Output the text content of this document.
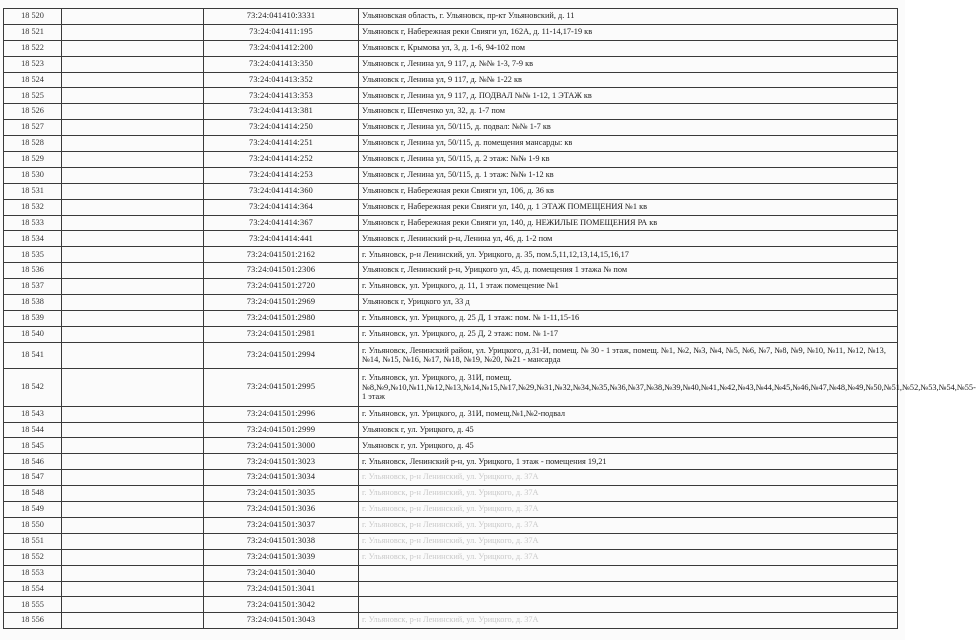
18 520		73:24:041410:3331	Ульяновская область, г. Ульяновск, пр-кт Ульяновский, д. 11
18 521		73:24:041411:195	Ульяновск г, Набережная реки Свияги ул, 162А, д. 11-14,17-19 кв
18 522		73:24:041412:200	Ульяновск г, Крымова ул, 3, д. 1-6, 94-102 пом
18 523		73:24:041413:350	Ульяновск г, Ленина ул, 9 117, д. №№ 1-3, 7-9 кв
18 524		73:24:041413:352	Ульяновск г, Ленина ул, 9 117, д. №№ 1-22 кв
18 525		73:24:041413:353	Ульяновск г, Ленина ул, 9 117, д. ПОДВАЛ №№ 1-12, 1 ЭТАЖ кв
18 526		73:24:041413:381	Ульяновск г, Шевченко ул, 32, д. 1-7 пом
18 527		73:24:041414:250	Ульяновск г, Ленина ул, 50/115, д. подвал: №№ 1-7 кв
18 528		73:24:041414:251	Ульяновск г, Ленина ул, 50/115, д. помещения мансарды: кв
18 529		73:24:041414:252	Ульяновск г, Ленина ул, 50/115, д. 2 этаж: №№ 1-9 кв
18 530		73:24:041414:253	Ульяновск г, Ленина ул, 50/115, д. 1 этаж: №№ 1-12 кв
18 531		73:24:041414:360	Ульяновск г, Набережная реки Свияги ул, 106, д. 36 кв
18 532		73:24:041414:364	Ульяновск г, Набережная реки Свияги ул, 140, д. 1 ЭТАЖ ПОМЕЩЕНИЯ №1 кв
18 533		73:24:041414:367	Ульяновск г, Набережная реки Свияги ул, 140, д. НЕЖИЛЫЕ ПОМЕЩЕНИЯ РА кв
18 534		73:24:041414:441	Ульяновск г, Ленинский р-н, Ленина ул, 46, д. 1-2 пом
18 535		73:24:041501:2162	г. Ульяновск, р-н Ленинский, ул. Урицкого, д. 35, пом.5,11,12,13,14,15,16,17
18 536		73:24:041501:2306	Ульяновск г, Ленинский р-н, Урицкого ул, 45, д. помещения 1 этажа № пом
18 537		73:24:041501:2720	г. Ульяновск, ул. Урицкого, д. 11, 1 этаж помещение №1
18 538		73:24:041501:2969	Ульяновск г, Урицкого ул, 33 д
18 539		73:24:041501:2980	г. Ульяновск, ул. Урицкого, д. 25 Д, 1 этаж: пом. № 1-11,15-16
18 540		73:24:041501:2981	г. Ульяновск, ул. Урицкого, д. 25 Д, 2 этаж: пом. № 1-17
18 541		73:24:041501:2994	г. Ульяновск, Ленинский район, ул. Урицкого, д.31-И, помещ. № 30 - 1 этаж, помещ. №1, №2, №3, №4, №5, №6, №7, №8, №9, №10, №11, №12, №13, №14, №15, №16, №17, №18, №19, №20, №21 - мансарда
18 542		73:24:041501:2995	г. Ульяновск, ул. Урицкого, д. 31И, помещ.№8,№9,№10,№11,№12,№13,№14,№15,№17,№29,№31,№32,№34,№35,№36,№37,№38,№39,№40,№41,№42,№43,№44,№45,№46,№47,№48,№49,№50,№51,№52,№53,№54,№55-1 этаж
18 543		73:24:041501:2996	г. Ульяновск, ул. Урицкого, д. 31И, помещ.№1,№2-подвал
18 544		73:24:041501:2999	Ульяновск г, ул. Урицкого, д. 45
18 545		73:24:041501:3000	Ульяновск г, ул. Урицкого, д. 45
18 546		73:24:041501:3023	г. Ульяновск, Ленинский р-н, ул. Урицкого, 1 этаж - помещения 19,21
18 547		73:24:041501:3034	г. Ульяновск, р-н Ленинский, ул. Урицкого, д. 37А
18 548		73:24:041501:3035	г. Ульяновск, р-н Ленинский, ул. Урицкого, д. 37А
18 549		73:24:041501:3036	г. Ульяновск, р-н Ленинский, ул. Урицкого, д. 37А
18 550		73:24:041501:3037	г. Ульяновск, р-н Ленинский, ул. Урицкого, д. 37А
18 551		73:24:041501:3038	г. Ульяновск, р-н Ленинский, ул. Урицкого, д. 37А
18 552		73:24:041501:3039	г. Ульяновск, р-н Ленинский, ул. Урицкого, д. 37А
18 553		73:24:041501:3040	
18 554		73:24:041501:3041	
18 555		73:24:041501:3042	
18 556		73:24:041501:3043	г. Ульяновск, р-н Ленинский, ул. Урицкого, д. 37А
